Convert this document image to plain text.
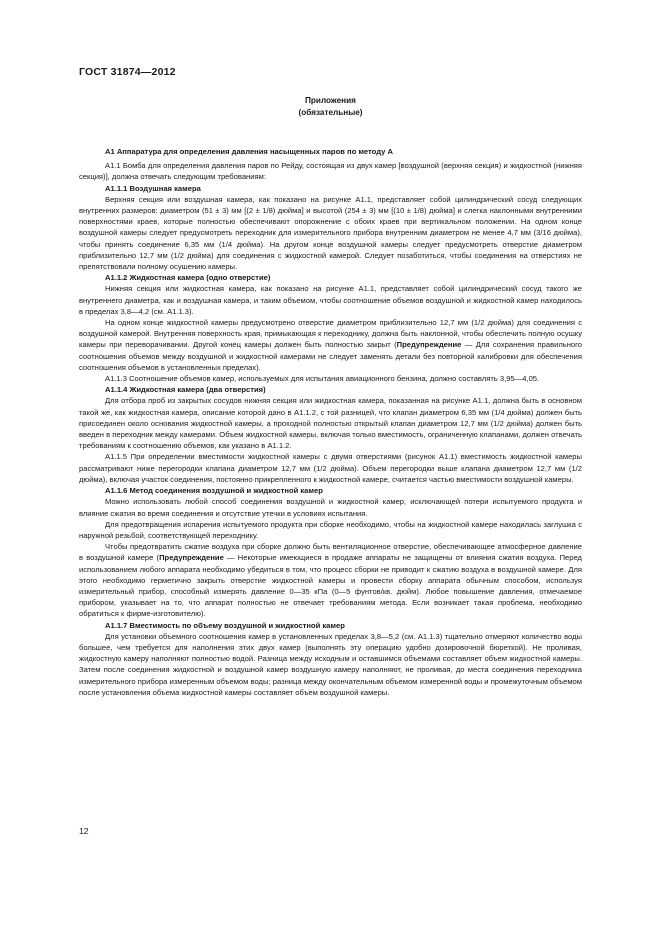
ГОСТ 31874—2012
Приложения
(обязательные)

А1 Аппаратура для определения давления насыщенных паров по методу А

А1.1 Бомба для определения давления паров по Рейду, состоящая из двух камер [воздушной (верхняя секция) и жидкостной (нижняя секция)], должна отвечать следующим требованиям:

А1.1.1 Воздушная камера

Верхняя секция или воздушная камера, как показано на рисунке А1.1, представляет собой цилиндрический сосуд следующих внутренних размеров: диаметром (51 ± 3) мм [(2 ± 1/8) дюйма] и высотой (254 ± 3) мм [(10 ± 1/8) дюйма] и слегка наклонными внутренними поверхностями краев, которые полностью обеспечивают опорожнение с обоих краев при вертикальном положении. На одном конце воздушной камеры следует предусмотреть переходник для измерительного прибора внутренним диаметром не менее 4,7 мм (3/16 дюйма), чтобы принять соединение 6,35 мм (1/4 дюйма). На другом конце воздушной камеры следует предусмотреть отверстие диаметром приблизительно 12,7 мм (1/2 дюйма) для соединения с жидкостной камерой. Следует позаботиться, чтобы соединения на отверстиях не препятствовали полному осушению камеры.

А1.1.2 Жидкостная камера (одно отверстие)

Нижняя секция или жидкостная камера, как показано на рисунке А1.1, представляет собой цилиндрический сосуд такого же внутреннего диаметра, как и воздушная камера, и таким объемом, чтобы соотношение объемов воздушной и жидкостной камер находилось в пределах 3,8—4,2 (см. А1.1.3).

На одном конце жидкостной камеры предусмотрено отверстие диаметром приблизительно 12,7 мм (1/2 дюйма) для соединения с воздушной камерой. Внутренняя поверхность края, примыкающая к переходнику, должна быть наклонной, чтобы обеспечить полную осушку камеры при переворачивании. Другой конец камеры должен быть полностью закрыт (Предупреждение — Для сохранения правильного соотношения объемов между воздушной и жидкостной камерами не следует заменять детали без повторной калибровки для обеспечения соотношения объемов в установленных пределах).

А1.1.3 Соотношение объемов камер, используемых для испытания авиационного бензина, должно составлять 3,95—4,05.

А1.1.4 Жидкостная камера (два отверстия)

Для отбора проб из закрытых сосудов нижняя секция или жидкостная камера, показанная на рисунке А1.1, должна быть в основном такой же, как жидкостная камера, описание которой дано в А1.1.2, с той разницей, что клапан диаметром 6,35 мм (1/4 дюйма) должен быть присоединен около основания жидкостной камеры, а проходной полностью открытый клапан диаметром 12,7 мм (1/2 дюйма) должен быть введен в переходник между камерами. Объем жидкостной камеры, включая только вместимость, ограниченную клапанами, должен отвечать требованиям к соотношению объемов, как указано в А1.1.2.

А1.1.5 При определении вместимости жидкостной камеры с двумя отверстиями (рисунок А1.1) вместимость жидкостной камеры рассматривают ниже перегородки клапана диаметром 12,7 мм (1/2 дюйма). Объем перегородки выше клапана диаметром 12,7 мм (1/2 дюйма), включая участок соединения, постоянно прикрепленного к жидкостной камере, считается частью вместимости воздушной камеры.

А1.1.6 Метод соединения воздушной и жидкостной камер

Можно использовать любой способ соединения воздушной и жидкостной камер, исключающей потери испытуемого продукта и влияние сжатия во время соединения и отсутствие утечки в условиях испытания.

Для предотвращения испарения испытуемого продукта при сборке необходимо, чтобы на жидкостной камере находилась заглушка с наружной резьбой, соответствующей переходнику.

Чтобы предотвратить сжатие воздуха при сборке должно быть вентиляционное отверстие, обеспечивающее атмосферное давление в воздушной камере (Предупреждение — Некоторые имеющиеся в продаже аппараты не защищены от влияния сжатия воздуха. Перед использованием любого аппарата необходимо убедиться в том, что процесс сборки не приводит к сжатию воздуха в воздушной камере. Для этого необходимо герметично закрыть отверстие жидкостной камеры и провести сборку аппарата обычным способом, используя измерительный прибор, способный измерять давление 0—35 кПа (0—5 фунтов/кв. дюйм). Любое повышение давления, отмечаемое прибором, указывает на то, что аппарат полностью не отвечает требованиям метода. Если возникает такая проблема, необходимо обратиться к фирме-изготовителю).

А1.1.7 Вместимость по объему воздушной и жидкостной камер

Для установки объемного соотношения камер в установленных пределах 3,8—5,2 (см. А1.1.3) тщательно отмеряют количество воды большее, чем требуется для наполнения этих двух камер (выполнять эту операцию удобно дозировочной бюреткой). Не проливая, жидкостную камеру наполняют полностью водой. Разница между исходным и оставшимся объемами составляет объем жидкостной камеры. Затем после соединения жидкостной и воздушной камер воздушную камеру наполняют, не проливая, до места соединения переходника измерительного прибора измеренным объемом воды; разница между окончательным объемом измеренной воды и промежуточным объемом после установления объема жидкостной камеры составляет объем воздушной камеры.

12
